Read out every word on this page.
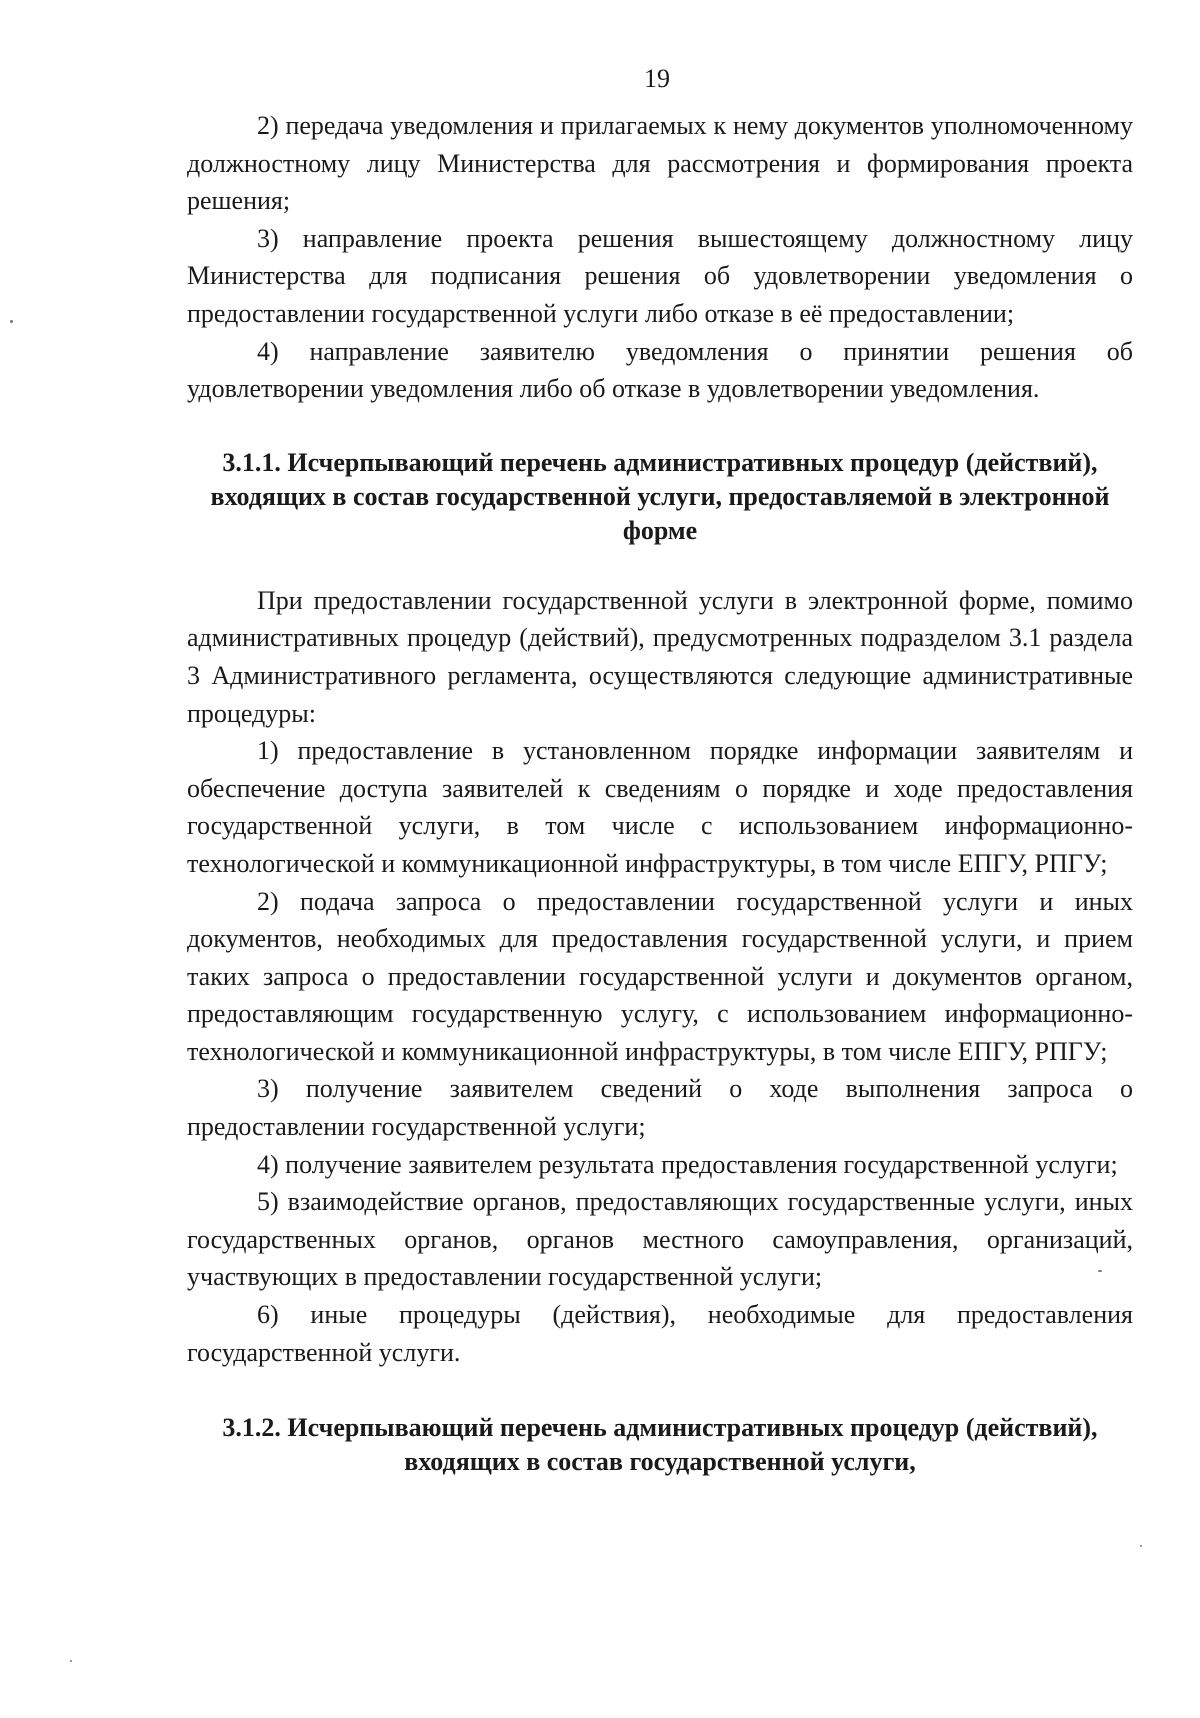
19

2) передача уведомления и прилагаемых к нему документов уполномоченному должностному лицу Министерства для рассмотрения и формирования проекта решения;

3) направление проекта решения вышестоящему должностному лицу Министерства для подписания решения об удовлетворении уведомления о предоставлении государственной услуги либо отказе в её предоставлении;

4) направление заявителю уведомления о принятии решения об удовлетворении уведомления либо об отказе в удовлетворении уведомления.

3.1.1. Исчерпывающий перечень административных процедур (действий), входящих в состав государственной услуги, предоставляемой в электронной форме

При предоставлении государственной услуги в электронной форме, помимо административных процедур (действий), предусмотренных подразделом 3.1 раздела 3 Административного регламента, осуществляются следующие административные процедуры:

1) предоставление в установленном порядке информации заявителям и обеспечение доступа заявителей к сведениям о порядке и ходе предоставления государственной услуги, в том числе с использованием информационно-технологической и коммуникационной инфраструктуры, в том числе ЕПГУ, РПГУ;

2) подача запроса о предоставлении государственной услуги и иных документов, необходимых для предоставления государственной услуги, и прием таких запроса о предоставлении государственной услуги и документов органом, предоставляющим государственную услугу, с использованием информационно-технологической и коммуникационной инфраструктуры, в том числе ЕПГУ, РПГУ;

3) получение заявителем сведений о ходе выполнения запроса о предоставлении государственной услуги;

4) получение заявителем результата предоставления государственной услуги;

5) взаимодействие органов, предоставляющих государственные услуги, иных государственных органов, органов местного самоуправления, организаций, участвующих в предоставлении государственной услуги;

6) иные процедуры (действия), необходимые для предоставления государственной услуги.

3.1.2. Исчерпывающий перечень административных процедур (действий), входящих в состав государственной услуги,
